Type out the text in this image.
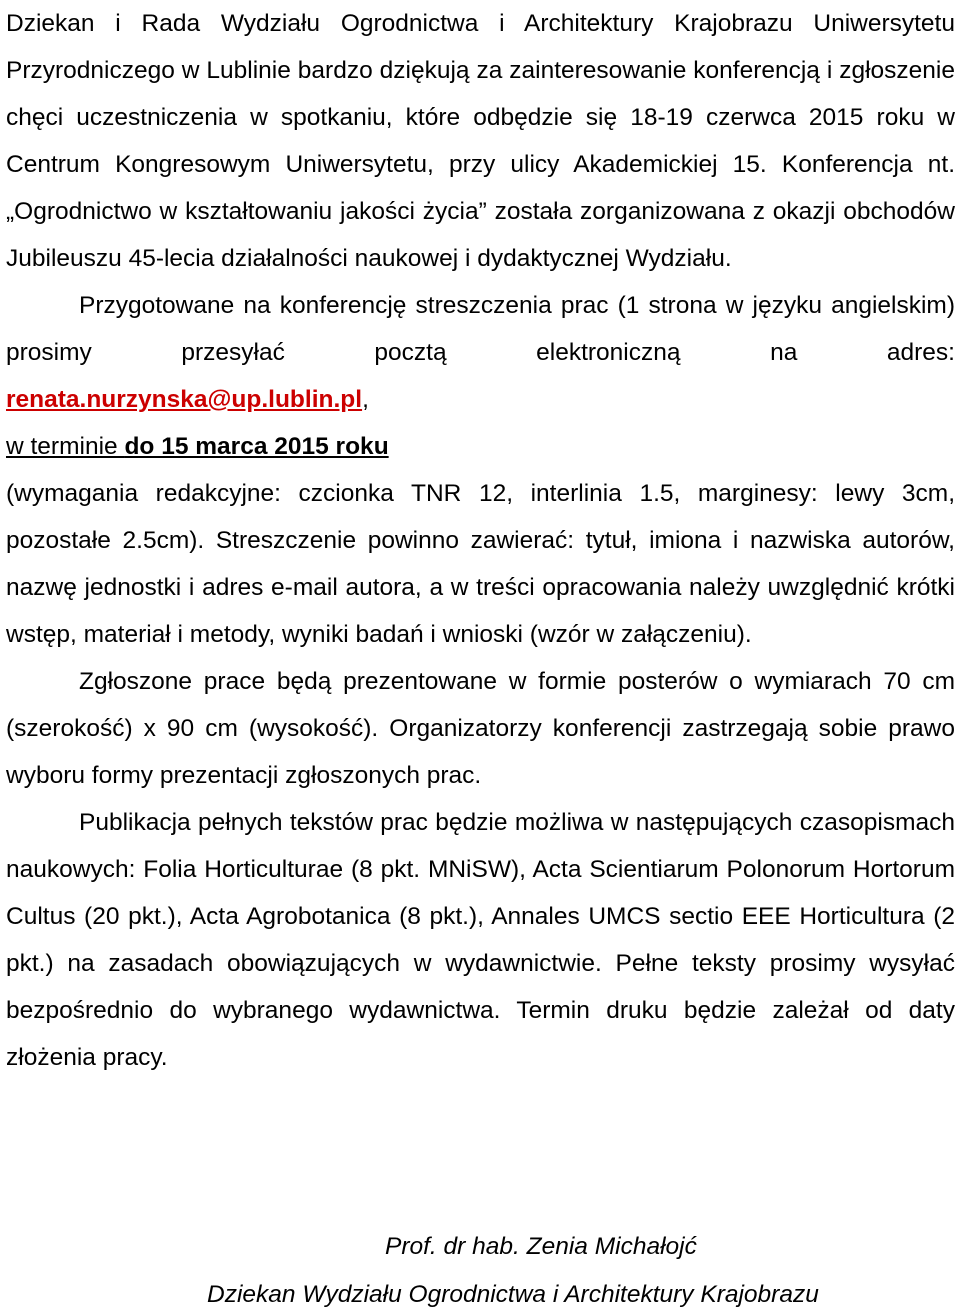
Dziekan i Rada Wydziału Ogrodnictwa i Architektury Krajobrazu Uniwersytetu Przyrodniczego w Lublinie bardzo dziękują za zainteresowanie konferencją i zgłoszenie chęci uczestniczenia w spotkaniu, które odbędzie się 18-19 czerwca 2015 roku w Centrum Kongresowym Uniwersytetu, przy ulicy Akademickiej 15. Konferencja nt. „Ogrodnictwo w kształtowaniu jakości życia” została zorganizowana z okazji obchodów Jubileuszu 45-lecia działalności naukowej i dydaktycznej Wydziału.

Przygotowane na konferencję streszczenia prac (1 strona w języku angielskim) prosimy przesyłać pocztą elektroniczną na adres:

renata.nurzynska@up.lublin.pl,

w terminie do 15 marca 2015 roku

(wymagania redakcyjne: czcionka TNR 12, interlinia 1.5, marginesy: lewy 3cm, pozostałe 2.5cm). Streszczenie powinno zawierać: tytuł, imiona i nazwiska autorów, nazwę jednostki i adres e-mail autora, a w treści opracowania należy uwzględnić krótki wstęp, materiał i metody, wyniki badań i wnioski (wzór w załączeniu).

Zgłoszone prace będą prezentowane w formie posterów o wymiarach 70 cm (szerokość) x 90 cm (wysokość). Organizatorzy konferencji zastrzegają sobie prawo wyboru formy prezentacji zgłoszonych prac.

Publikacja pełnych tekstów prac będzie możliwa w następujących czasopismach naukowych: Folia Horticulturae (8 pkt. MNiSW), Acta Scientiarum Polonorum Hortorum Cultus (20 pkt.), Acta Agrobotanica (8 pkt.), Annales UMCS sectio EEE Horticultura (2 pkt.) na zasadach obowiązujących w wydawnictwie. Pełne teksty prosimy wysyłać bezpośrednio do wybranego wydawnictwa. Termin druku będzie zależał od daty złożenia pracy.

Prof. dr hab. Zenia Michałojć
Dziekan Wydziału Ogrodnictwa i Architektury Krajobrazu
